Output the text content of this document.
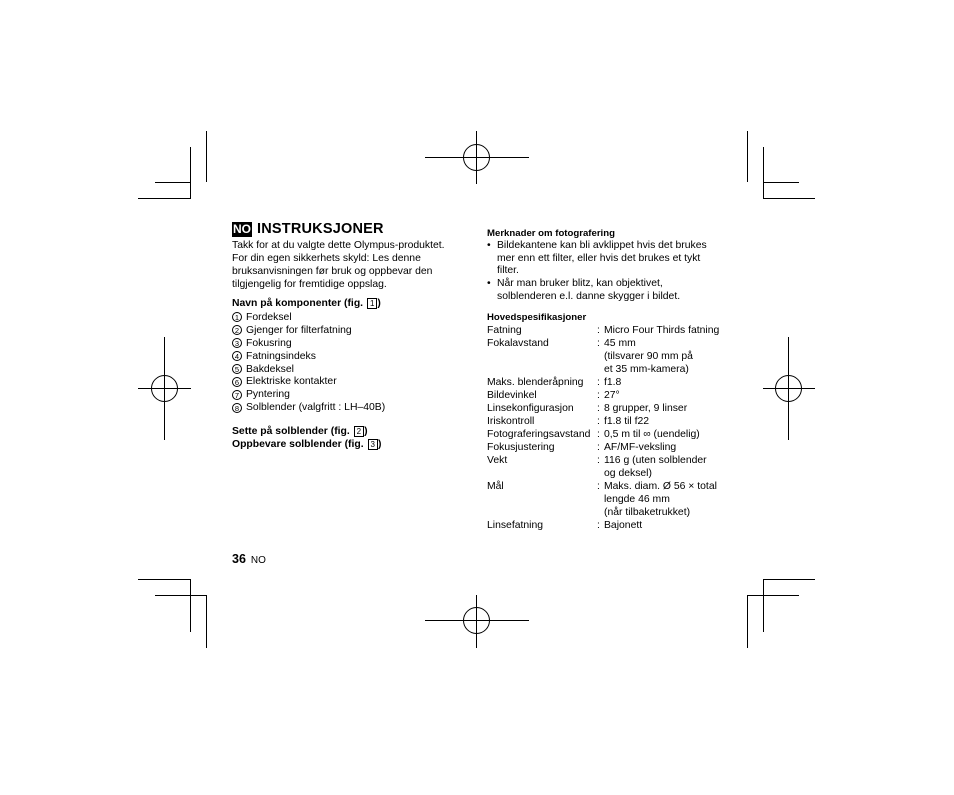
NO INSTRUKSJONER
Takk for at du valgte dette Olympus-produktet.
For din egen sikkerhets skyld: Les denne
bruksanvisningen før bruk og oppbevar den
tilgjengelig for fremtidige oppslag.
Navn på komponenter (fig. 1 )
1 Fordeksel
2 Gjenger for filterfatning
3 Fokusring
4 Fatningsindeks
5 Bakdeksel
6 Elektriske kontakter
7 Pyntering
8 Solblender (valgfritt : LH–40B)
Sette på solblender (fig. 2 )
Oppbevare solblender (fig. 3 )
36 NO
Merknader om fotografering
• Bildekantene kan bli avklippet hvis det brukes
mer enn ett filter, eller hvis det brukes et tykt
filter.
• Når man bruker blitz, kan objektivet,
solblenderen e.l. danne skygger i bildet.
Hovedspesifikasjoner
Fatning	: Micro Four Thirds fatning
Fokalavstand	: 45 mm
(tilsvarer 90 mm på
et 35 mm-kamera)
Maks. blenderåpning	: f1.8
Bildevinkel	: 27°
Linsekonfigurasjon	: 8 grupper, 9 linser
Iriskontroll	: f1.8 til f22
Fotograferingsavstand : 0,5 m til ∞ (uendelig)
Fokusjustering	: AF/MF-veksling
Vekt	: 116 g (uten solblender
og deksel)
Mål	: Maks. diam. Ø 56 × total
lengde 46 mm
(når tilbaketrukket)
Linsefatning	: Bajonett
